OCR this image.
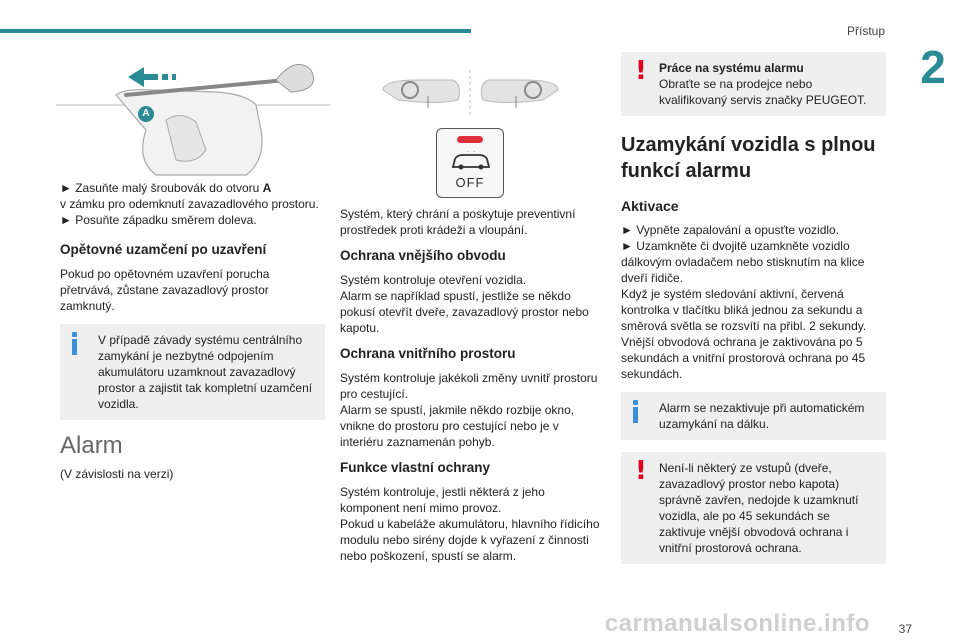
Přístup
2
A

► Zasuňte malý šroubovák do otvoru A
v zámku pro odemknutí zavazadlového prostoru.
► Posuňte západku směrem doleva.

Opětovné uzamčení po uzavření

Pokud po opětovném uzavření porucha přetrvává, zůstane zavazadlový prostor zamknutý.

V případě závady systému centrálního zamykání je nezbytné odpojením akumulátoru uzamknout zavazadlový prostor a zajistit tak kompletní uzamčení vozidla.
Alarm

(V závislosti na verzi)

OFF

Systém, který chrání a poskytuje preventivní prostředek proti krádeži a vloupání.

Ochrana vnějšího obvodu

Systém kontroluje otevření vozidla.
Alarm se například spustí, jestliže se někdo pokusí otevřít dveře, zavazadlový prostor nebo kapotu.

Ochrana vnitřního prostoru

Systém kontroluje jakékoli změny uvnitř prostoru pro cestující.
Alarm se spustí, jakmile někdo rozbije okno, vnikne do prostoru pro cestující nebo je v interiéru zaznamenán pohyb.

Funkce vlastní ochrany

Systém kontroluje, jestli některá z jeho komponent není mimo provoz.
Pokud u kabeláže akumulátoru, hlavního řídicího modulu nebo sirény dojde k vyřazení z činnosti nebo poškození, spustí se alarm.

!	Práce na systému alarmu
Obraťte se na prodejce nebo kvalifikovaný servis značky PEUGEOT.
Uzamykání vozidla s plnou funkcí alarmu
Aktivace

► Vypněte zapalování a opusťte vozidlo.
► Uzamkněte či dvojitě uzamkněte vozidlo dálkovým ovladačem nebo stisknutím na klice dveří řidiče.
Když je systém sledování aktivní, červená kontrolka v tlačítku bliká jednou za sekundu a směrová světla se rozsvítí na přibl. 2 sekundy.
Vnější obvodová ochrana je zaktivována po 5 sekundách a vnitřní prostorová ochrana po 45 sekundách.

Alarm se nezaktivuje při automatickém uzamykání na dálku.
!	Není-li některý ze vstupů (dveře, zavazadlový prostor nebo kapota) správně zavřen, nedojde k uzamknutí vozidla, ale po 45 sekundách se zaktivuje vnější obvodová ochrana i vnitřní prostorová ochrana.
carmanualsonline.info 37
